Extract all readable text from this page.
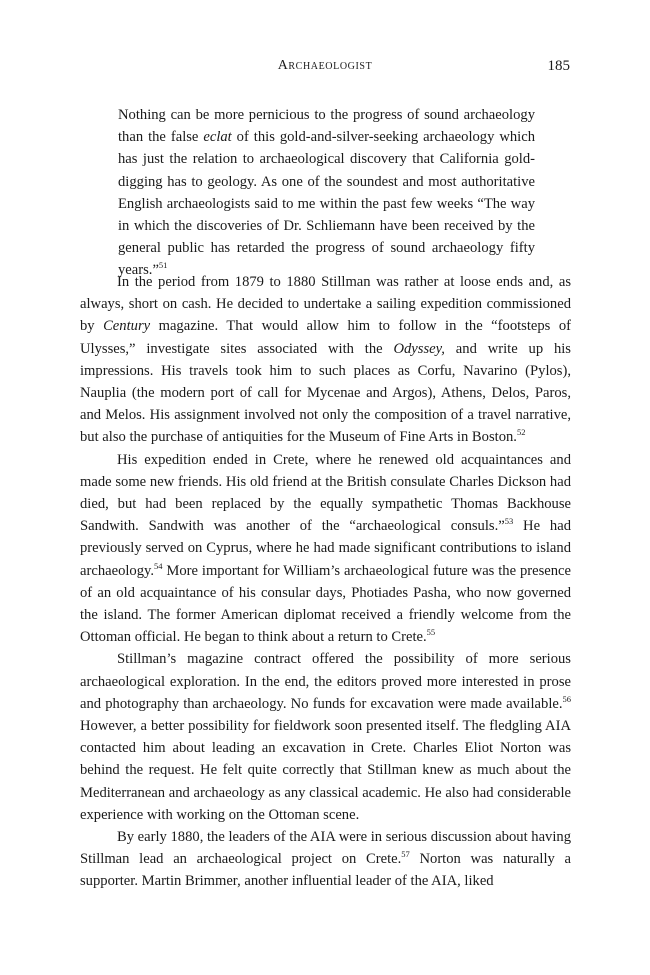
Archaeologist	185

Nothing can be more pernicious to the progress of sound archaeology than the false eclat of this gold-and-silver-seeking archaeology which has just the relation to archaeological discovery that California gold-digging has to geology. As one of the soundest and most authoritative English archaeologists said to me within the past few weeks “The way in which the discoveries of Dr. Schliemann have been received by the general public has retarded the progress of sound archaeology fifty years.”$^{51}$

In the period from 1879 to 1880 Stillman was rather at loose ends and, as always, short on cash. He decided to undertake a sailing expedition commissioned by Century magazine. That would allow him to follow in the “footsteps of Ulysses,” investigate sites associated with the Odyssey, and write up his impressions. His travels took him to such places as Corfu, Navarino (Pylos), Nauplia (the modern port of call for Mycenae and Argos), Athens, Delos, Paros, and Melos. His assignment involved not only the composition of a travel narrative, but also the purchase of antiquities for the Museum of Fine Arts in Boston.$^{52}$

His expedition ended in Crete, where he renewed old acquaintances and made some new friends. His old friend at the British consulate Charles Dickson had died, but had been replaced by the equally sympathetic Thomas Backhouse Sandwith. Sandwith was another of the “archaeological consuls.”$^{53}$ He had previously served on Cyprus, where he had made significant contributions to island archaeology.$^{54}$ More important for William’s archaeological future was the presence of an old acquaintance of his consular days, Photiades Pasha, who now governed the island. The former American diplomat received a friendly welcome from the Ottoman official. He began to think about a return to Crete.$^{55}$

Stillman’s magazine contract offered the possibility of more serious archaeological exploration. In the end, the editors proved more interested in prose and photography than archaeology. No funds for excavation were made available.$^{56}$ However, a better possibility for fieldwork soon presented itself. The fledgling AIA contacted him about leading an excavation in Crete. Charles Eliot Norton was behind the request. He felt quite correctly that Stillman knew as much about the Mediterranean and archaeology as any classical academic. He also had considerable experience with working on the Ottoman scene.

By early 1880, the leaders of the AIA were in serious discussion about having Stillman lead an archaeological project on Crete.$^{57}$ Norton was naturally a supporter. Martin Brimmer, another influential leader of the AIA, liked
